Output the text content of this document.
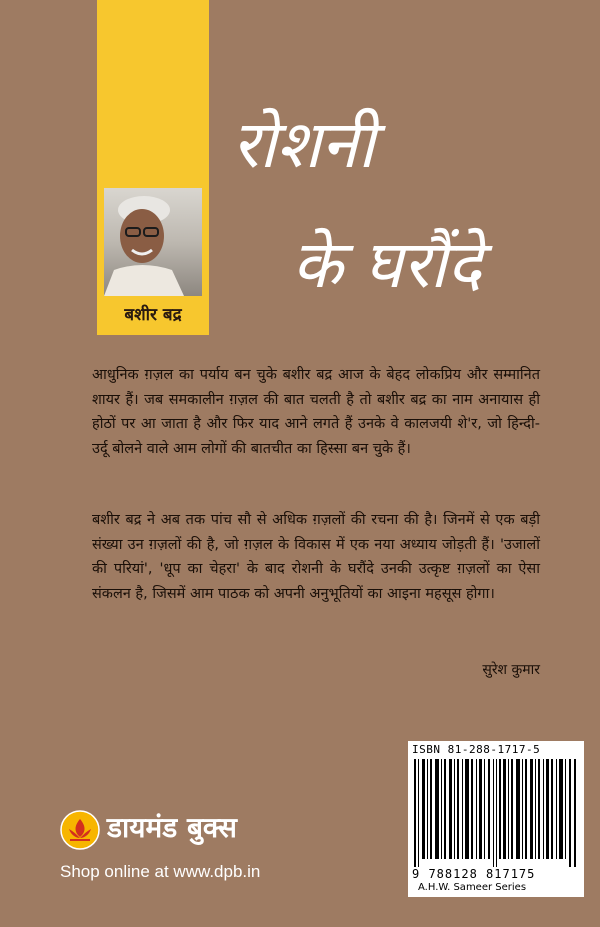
बशीर बद्र
रोशनी
के घरौंदे
आधुनिक ग़ज़ल का पर्याय बन चुके बशीर बद्र आज के बेहद लोकप्रिय और सम्मानित शायर हैं। जब समकालीन ग़ज़ल की बात चलती है तो बशीर बद्र का नाम अनायास ही होठों पर आ जाता है और फिर याद आने लगते हैं उनके वे कालजयी शे'र, जो हिन्दी-उर्दू बोलने वाले आम लोगों की बातचीत का हिस्सा बन चुके हैं।
बशीर बद्र ने अब तक पांच सौ से अधिक ग़ज़लों की रचना की है। जिनमें से एक बड़ी संख्या उन ग़ज़लों की है, जो ग़ज़ल के विकास में एक नया अध्याय जोड़ती हैं। 'उजालों की परियां', 'धूप का चेहरा' के बाद रोशनी के घरौंदे उनकी उत्कृष्ट ग़ज़लों का ऐसा संकलन है, जिसमें आम पाठक को अपनी अनुभूतियों का आइना महसूस होगा।
सुरेश कुमार
ISBN 81-288-1717-5
9 788128 817175
A.H.W. Sameer Series
डायमंड बुक्स
Shop online at www.dpb.in
